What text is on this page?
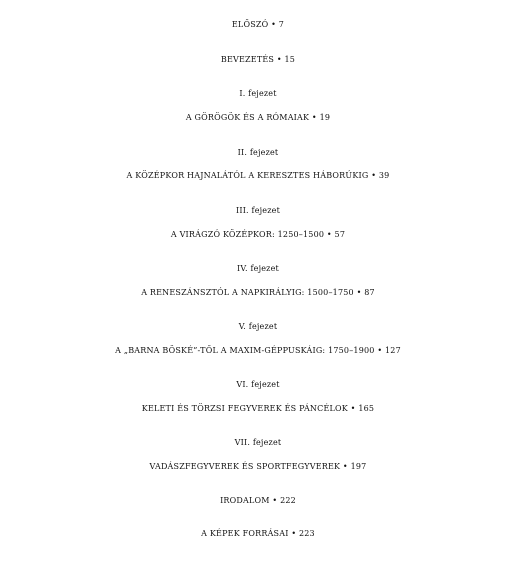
ELŐSZÓ • 7
BEVEZETÉS • 15
I. fejezet
A GÖRÖGÖK ÉS A RÓMAIAK • 19
II. fejezet
A KÖZÉPKOR HAJNALÁTÓL A KERESZTES HÁBORÚKIG • 39
III. fejezet
A VIRÁGZÓ KÖZÉPKOR: 1250–1500 • 57
IV. fejezet
A RENESZÁNSZTÓL A NAPKIRÁLYIG: 1500–1750 • 87
V. fejezet
A „BARNA BÖSKÉ”-TŐL A MAXIM-GÉPPUSKÁIG: 1750–1900 • 127
VI. fejezet
KELETI ÉS TÖRZSI FEGYVEREK ÉS PÁNCÉLOK • 165
VII. fejezet
VADÁSZFEGYVEREK ÉS SPORTFEGYVEREK • 197
IRODALOM • 222
A KÉPEK FORRÁSAI • 223
